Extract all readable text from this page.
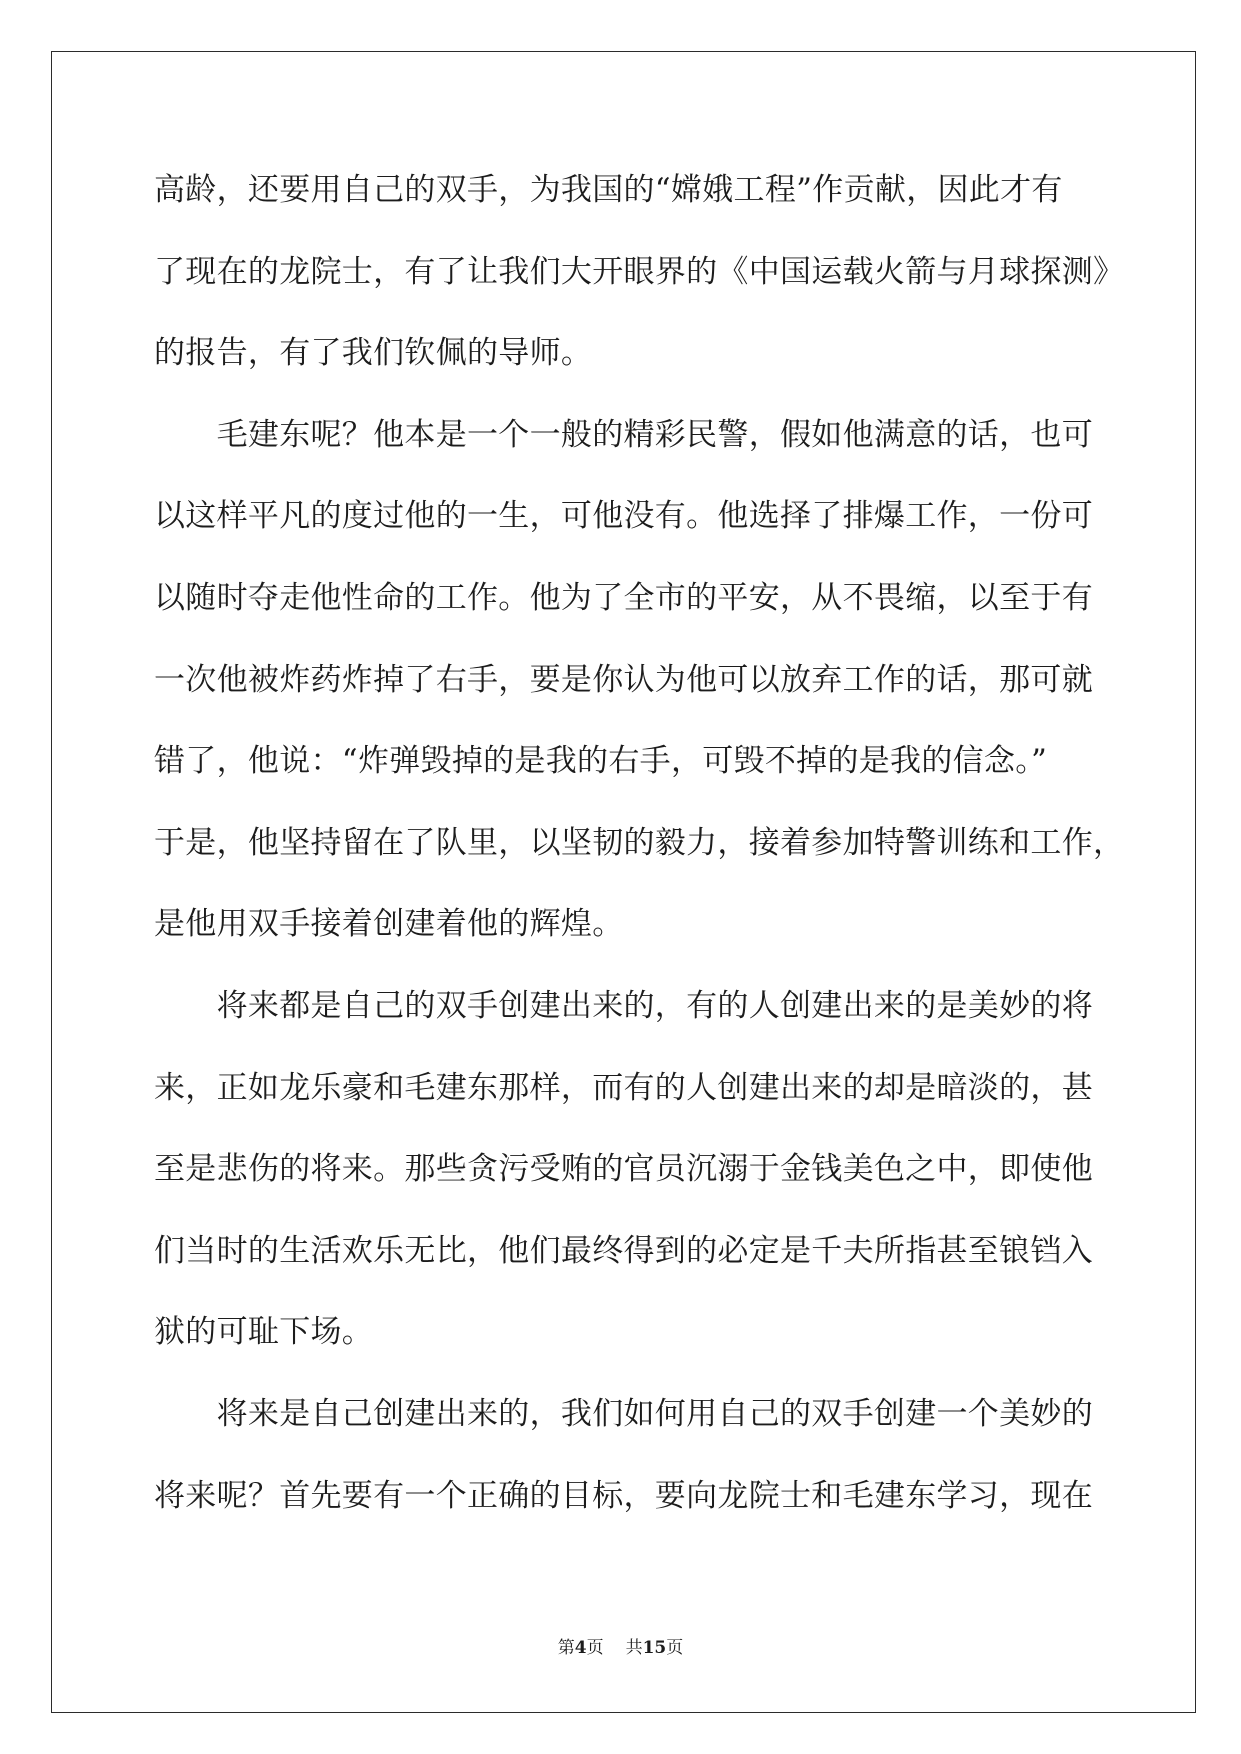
高龄，还要用自己的双手，为我国的“嫦娥工程”作贡献，因此才有
了现在的龙院士，有了让我们大开眼界的《中国运载火箭与月球探测》
的报告，有了我们钦佩的导师。
毛建东呢？他本是一个一般的精彩民警，假如他满意的话，也可
以这样平凡的度过他的一生，可他没有。他选择了排爆工作，一份可
以随时夺走他性命的工作。他为了全市的平安，从不畏缩，以至于有
一次他被炸药炸掉了右手，要是你认为他可以放弃工作的话，那可就
错了，他说：“炸弹毁掉的是我的右手，可毁不掉的是我的信念。”
于是，他坚持留在了队里，以坚韧的毅力，接着参加特警训练和工作，
是他用双手接着创建着他的辉煌。
将来都是自己的双手创建出来的，有的人创建出来的是美妙的将
来，正如龙乐豪和毛建东那样，而有的人创建出来的却是暗淡的，甚
至是悲伤的将来。那些贪污受贿的官员沉溺于金钱美色之中，即使他
们当时的生活欢乐无比，他们最终得到的必定是千夫所指甚至锒铛入
狱的可耻下场。
将来是自己创建出来的，我们如何用自己的双手创建一个美妙的
将来呢？首先要有一个正确的目标，要向龙院士和毛建东学习，现在
第4页 共15页
